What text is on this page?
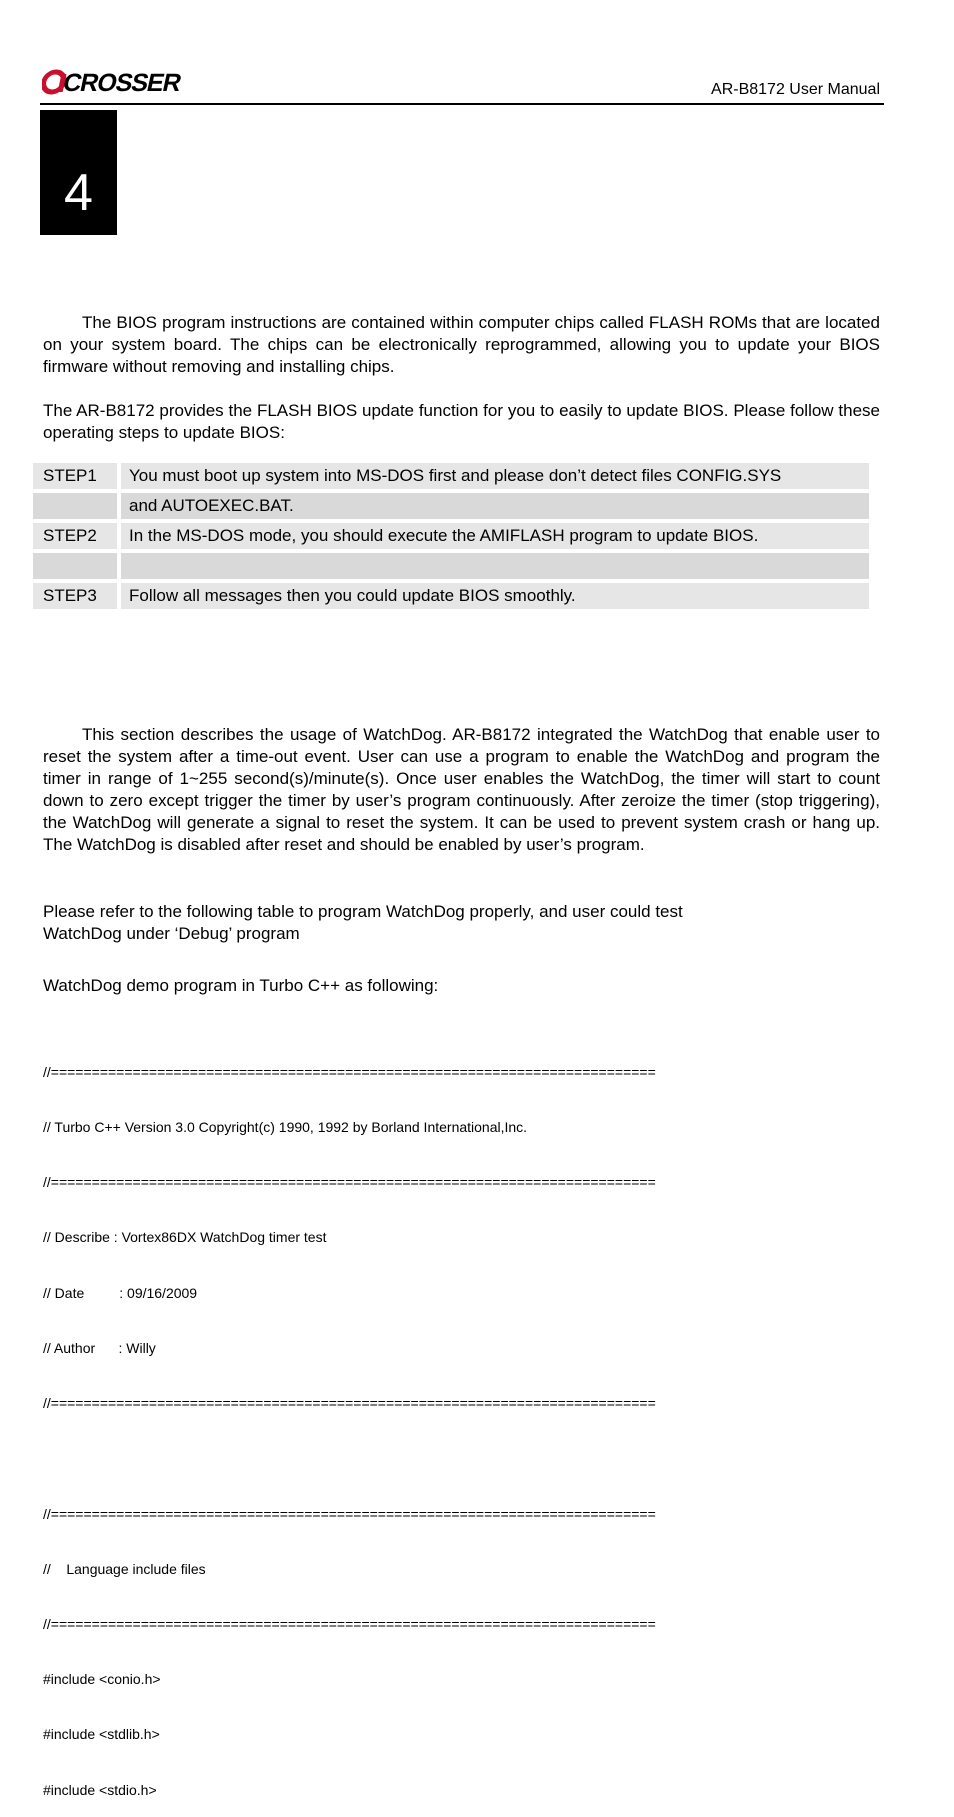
CROSSER	AR-B8172 User Manual
4

The BIOS program instructions are contained within computer chips called FLASH ROMs that are located on your system board. The chips can be electronically reprogrammed, allowing you to update your BIOS firmware without removing and installing chips.

The AR-B8172 provides the FLASH BIOS update function for you to easily to update BIOS. Please follow these operating steps to update BIOS:

STEP1	You must boot up system into MS-DOS first and please don’t detect files CONFIG.SYS
and AUTOEXEC.BAT.
STEP2	In the MS-DOS mode, you should execute the AMIFLASH program to update BIOS.
STEP3	Follow all messages then you could update BIOS smoothly.

This section describes the usage of WatchDog. AR-B8172 integrated the WatchDog that enable user to reset the system after a time-out event. User can use a program to enable the WatchDog and program the timer in range of 1~255 second(s)/minute(s). Once user enables the WatchDog, the timer will start to count down to zero except trigger the timer by user’s program continuously. After zeroize the timer (stop triggering), the WatchDog will generate a signal to reset the system. It can be used to prevent system crash or hang up. The WatchDog is disabled after reset and should be enabled by user’s program.

Please refer to the following table to program WatchDog properly, and user could test
WatchDog under ‘Debug’ program

WatchDog demo program in Turbo C++ as following:

//==========================================================================

// Turbo C++ Version 3.0 Copyright(c) 1990, 1992 by Borland International,Inc.

//==========================================================================

// Describe : Vortex86DX WatchDog timer test

// Date         : 09/16/2009

// Author      : Willy

//==========================================================================

//==========================================================================

//    Language include files

//==========================================================================

#include <conio.h>

#include <stdlib.h>

#include <stdio.h>
